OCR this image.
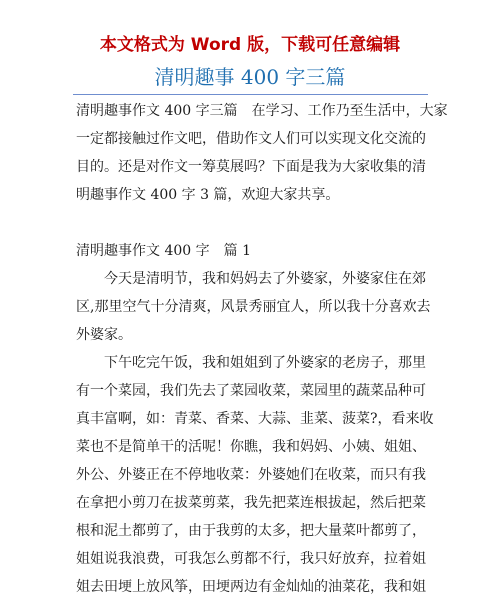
本文格式为 Word 版，下载可任意编辑
清明趣事 400 字三篇
清明趣事作文 400 字三篇　在学习、工作乃至生活中，大家
一定都接触过作文吧，借助作文人们可以实现文化交流的
目的。还是对作文一筹莫展吗？下面是我为大家收集的清
明趣事作文 400 字 3 篇，欢迎大家共享。
清明趣事作文 400 字　篇 1
今天是清明节，我和妈妈去了外婆家，外婆家住在郊
区,那里空气十分清爽，风景秀丽宜人，所以我十分喜欢去
外婆家。
下午吃完午饭，我和姐姐到了外婆家的老房子，那里
有一个菜园，我们先去了菜园收菜，菜园里的蔬菜品种可
真丰富啊，如：青菜、香菜、大蒜、韭菜、菠菜?，看来收
菜也不是简单干的活呢！你瞧，我和妈妈、小姨、姐姐、
外公、外婆正在不停地收菜：外婆她们在收菜，而只有我
在拿把小剪刀在拔菜剪菜，我先把菜连根拔起，然后把菜
根和泥土都剪了，由于我剪的太多，把大量菜叶都剪了，
姐姐说我浪费，可我怎么剪都不行，我只好放弃，拉着姐
姐去田埂上放风筝，田埂两边有金灿灿的油菜花，我和姐
